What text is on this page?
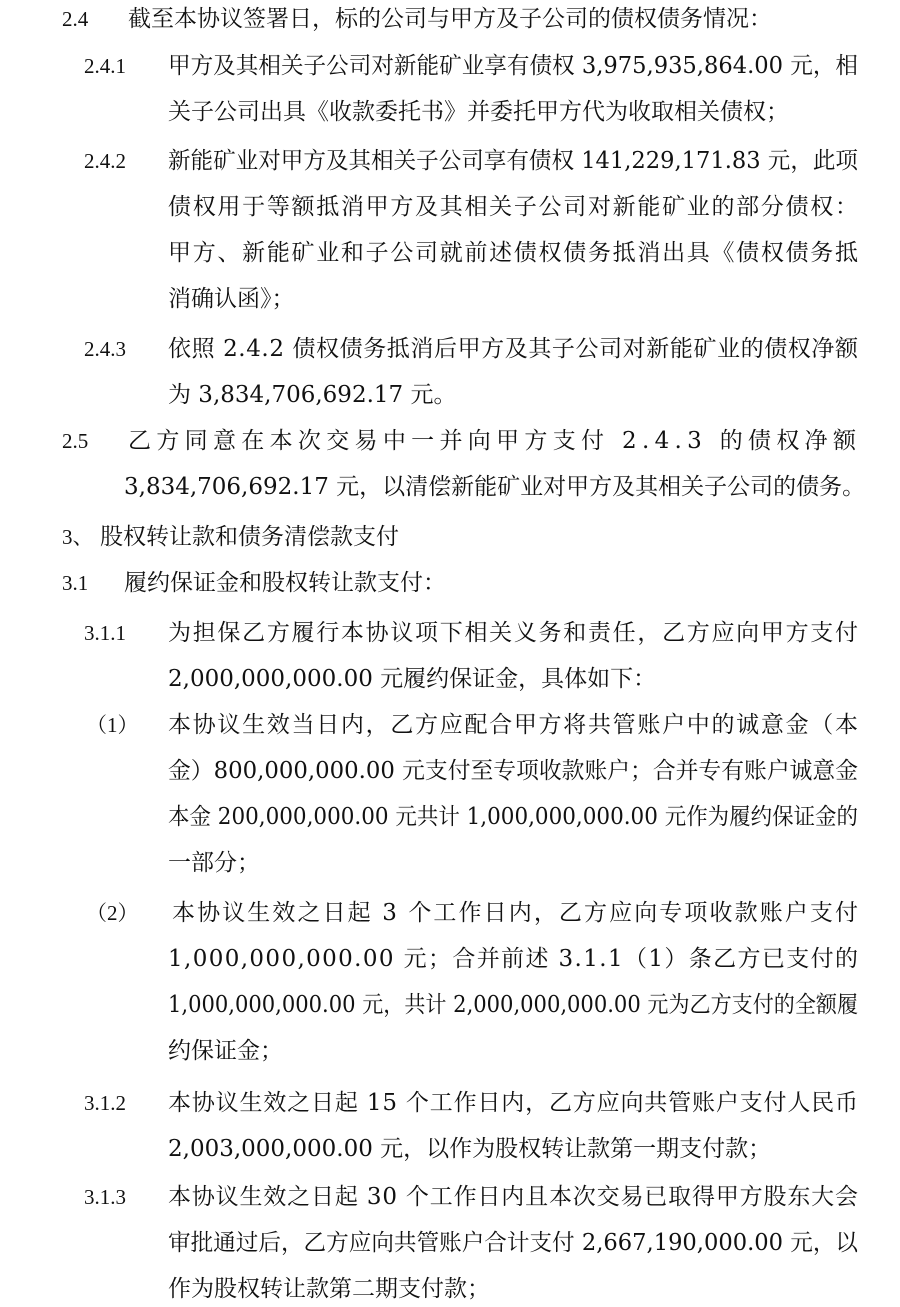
2.4 截至本协议签署日，标的公司与甲方及子公司的债权债务情况：
2.4.1 甲方及其相关子公司对新能矿业享有债权 3,975,935,864.00 元，相
关子公司出具《收款委托书》并委托甲方代为收取相关债权；
2.4.2 新能矿业对甲方及其相关子公司享有债权 141,229,171.83 元，此项
债权用于等额抵消甲方及其相关子公司对新能矿业的部分债权：
甲方、新能矿业和子公司就前述债权债务抵消出具《债权债务抵
消确认函》；
2.4.3 依照 2.4.2 债权债务抵消后甲方及其子公司对新能矿业的债权净额
为 3,834,706,692.17 元。
2.5 乙方同意在本次交易中一并向甲方支付 2.4.3 的债权净额
3,834,706,692.17 元，以清偿新能矿业对甲方及其相关子公司的债务。
3、 股权转让款和债务清偿款支付
3.1 履约保证金和股权转让款支付：
3.1.1 为担保乙方履行本协议项下相关义务和责任，乙方应向甲方支付
2,000,000,000.00 元履约保证金，具体如下：
（1） 本协议生效当日内，乙方应配合甲方将共管账户中的诚意金（本
金）800,000,000.00 元支付至专项收款账户；合并专有账户诚意金
本金 200,000,000.00 元共计 1,000,000,000.00 元作为履约保证金的
一部分；
（2） 本协议生效之日起 3 个工作日内，乙方应向专项收款账户支付
1,000,000,000.00 元；合并前述 3.1.1（1）条乙方已支付的
1,000,000,000.00 元，共计 2,000,000,000.00 元为乙方支付的全额履
约保证金；
3.1.2 本协议生效之日起 15 个工作日内，乙方应向共管账户支付人民币
2,003,000,000.00 元，以作为股权转让款第一期支付款；
3.1.3 本协议生效之日起 30 个工作日内且本次交易已取得甲方股东大会
审批通过后，乙方应向共管账户合计支付 2,667,190,000.00 元，以
作为股权转让款第二期支付款；
